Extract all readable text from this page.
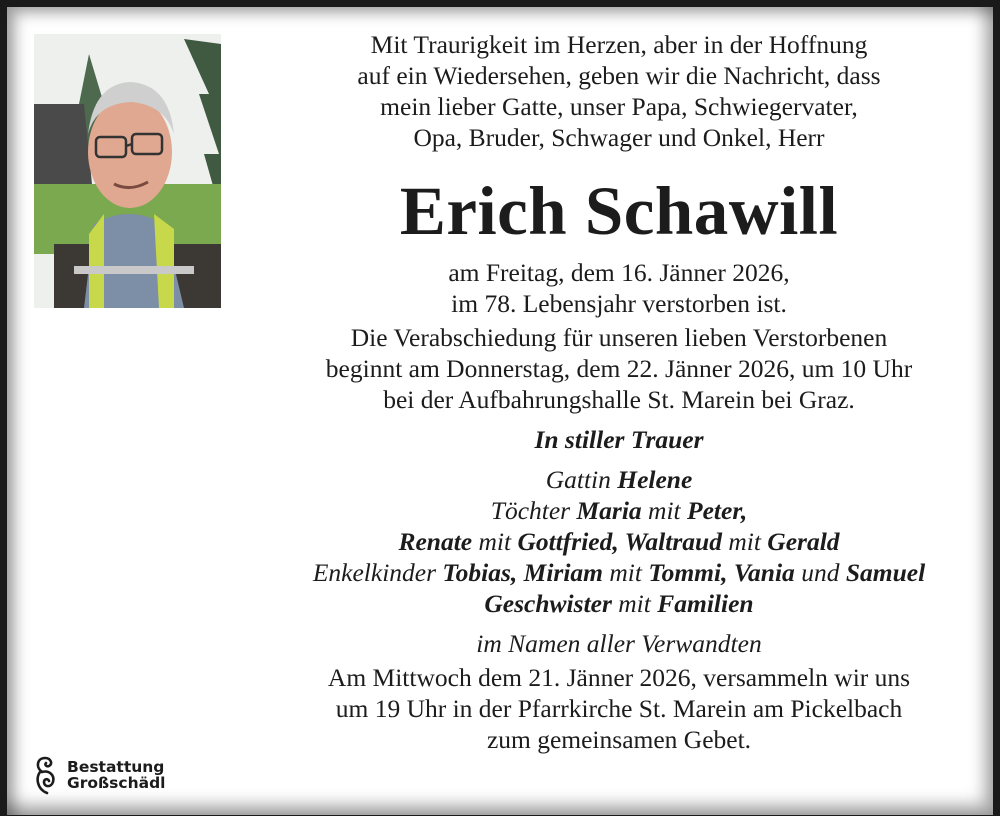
Mit Traurigkeit im Herzen, aber in der Hoffnung

auf ein Wiedersehen, geben wir die Nachricht, dass

mein lieber Gatte, unser Papa, Schwiegervater,

Opa, Bruder, Schwager und Onkel, Herr

Erich Schawill

am Freitag, dem 16. Jänner 2026,

im 78. Lebensjahr verstorben ist.

Die Verabschiedung für unseren lieben Verstorbenen

beginnt am Donnerstag, dem 22. Jänner 2026, um 10 Uhr

bei der Aufbahrungshalle St. Marein bei Graz.

In stiller Trauer

Gattin Helene

Töchter Maria mit Peter,

Renate mit Gottfried, Waltraud mit Gerald

Enkelkinder Tobias, Miriam mit Tommi, Vania und Samuel

Geschwister mit Familien

im Namen aller Verwandten

Am Mittwoch dem 21. Jänner 2026, versammeln wir uns

um 19 Uhr in der Pfarrkirche St. Marein am Pickelbach

zum gemeinsamen Gebet.

Bestattung
Großschädl
